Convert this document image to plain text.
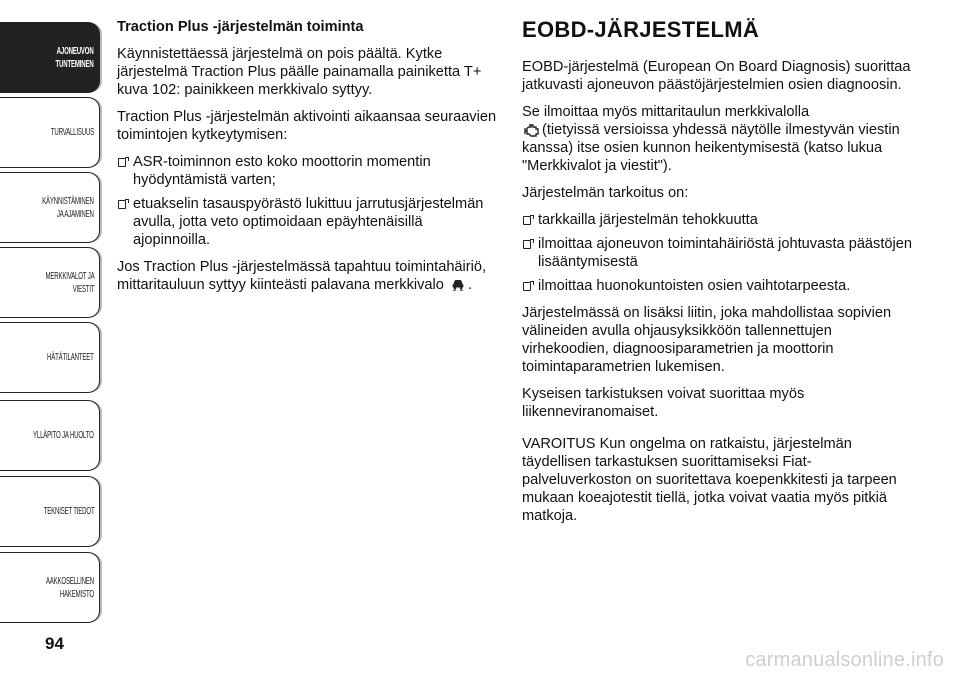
AJONEUVON
TUNTEMINEN
TURVALLISUUS
KÄYNNISTÄMINEN
JA AJAMINEN
MERKKIVALOT JA
VIESTIT
HÄTÄTILANTEET
YLLÄPITO JA HUOLTO
TEKNISET TIEDOT
AAKKOSELLINEN
HAKEMISTO
94

Traction Plus -järjestelmän toiminta

Käynnistettäessä järjestelmä on pois päältä. Kytke järjestelmä Traction Plus päälle painamalla painiketta T+ kuva 102: painikkeen merkkivalo syttyy.

Traction Plus -järjestelmän aktivointi aikaansaa seuraavien toimintojen kytkeytymisen:

ASR-toiminnon esto koko moottorin momentin hyödyntämistä varten;
etuakselin tasauspyörästö lukittuu jarrutusjärjestelmän avulla, jotta veto optimoidaan epäyhtenäisillä ajopinnoilla.

Jos Traction Plus -järjestelmässä tapahtuu toimintahäiriö, mittaritauluun syttyy kiinteästi palavana merkkivalo .

EOBD-JÄRJESTELMÄ

EOBD-järjestelmä (European On Board Diagnosis) suorittaa jatkuvasti ajoneuvon päästöjärjestelmien osien diagnoosin.

Se ilmoittaa myös mittaritaulun merkkivalolla
(tietyissä versioissa yhdessä näytölle ilmestyvän viestin kanssa) itse osien kunnon heikentymisestä (katso lukua "Merkkivalot ja viestit").

Järjestelmän tarkoitus on:

tarkkailla järjestelmän tehokkuutta
ilmoittaa ajoneuvon toimintahäiriöstä johtuvasta päästöjen lisääntymisestä
ilmoittaa huonokuntoisten osien vaihtotarpeesta.

Järjestelmässä on lisäksi liitin, joka mahdollistaa sopivien välineiden avulla ohjausyksikköön tallennettujen virhekoodien, diagnoosiparametrien ja moottorin toimintaparametrien lukemisen.

Kyseisen tarkistuksen voivat suorittaa myös liikenneviranomaiset.

VAROITUS Kun ongelma on ratkaistu, järjestelmän täydellisen tarkastuksen suorittamiseksi Fiat-palveluverkoston on suoritettava koepenkkitesti ja tarpeen mukaan koeajotestit tiellä, jotka voivat vaatia myös pitkiä matkoja.

carmanualsonline.info
